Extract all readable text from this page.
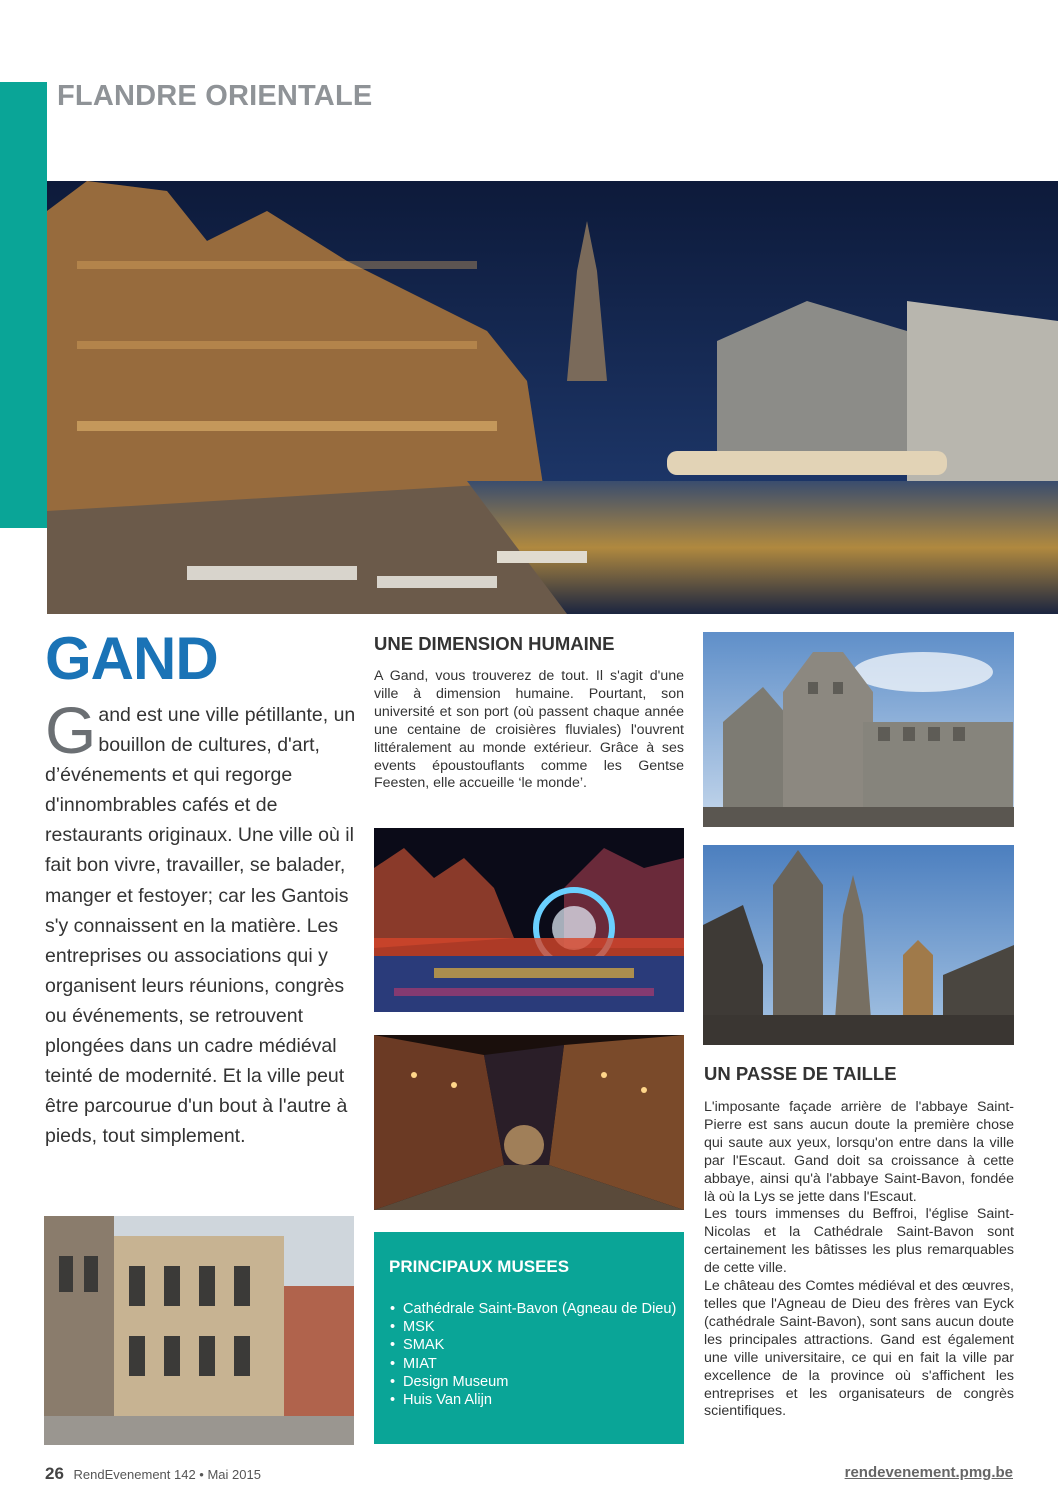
FLANDRE ORIENTALE
GAND
G and est une ville pétillante, un bouillon de cultures, d'art, d’événements et qui regorge d'innombrables cafés et de restaurants originaux. Une ville où il fait bon vivre, travailler, se balader, manger et festoyer; car les Gantois s'y connaissent en la matière. Les entreprises ou associations qui y organisent leurs réunions, congrès ou événements, se retrouvent plongées dans un cadre médiéval teinté de modernité. Et la ville peut être parcourue d'un bout à l'autre à pieds, tout simplement.
UNE DIMENSION HUMAINE
A Gand, vous trouverez de tout. Il s'agit d'une ville à dimension humaine. Pourtant, son université et son port (où passent chaque année une centaine de croisières fluviales) l'ouvrent littéralement au monde extérieur. Grâce à ses events époustouflants comme les Gentse Feesten, elle accueille ‘le monde’.
PRINCIPAUX MUSEES
• Cathédrale Saint-Bavon (Agneau de Dieu)
• MSK
• SMAK
• MIAT
• Design Museum
• Huis Van Alijn
UN PASSE DE TAILLE
L'imposante façade arrière de l'abbaye Saint-Pierre est sans aucun doute la première chose qui saute aux yeux, lorsqu'on entre dans la ville par l'Escaut. Gand doit sa croissance à cette abbaye, ainsi qu'à l'abbaye Saint-Bavon, fondée là où la Lys se jette dans l'Escaut.
Les tours immenses du Beffroi, l'église Saint-Nicolas et la Cathédrale Saint-Bavon sont certainement les bâtisses les plus remarquables de cette ville.
Le château des Comtes médiéval et des œuvres, telles que l'Agneau de Dieu des frères van Eyck (cathédrale Saint-Bavon), sont sans aucun doute les principales attractions. Gand est également une ville universitaire, ce qui en fait la ville par excellence de la province où s'affichent les entreprises et les organisateurs de congrès scientifiques.
26 RendEvenement 142 • Mai 2015	rendevenement.pmg.be
